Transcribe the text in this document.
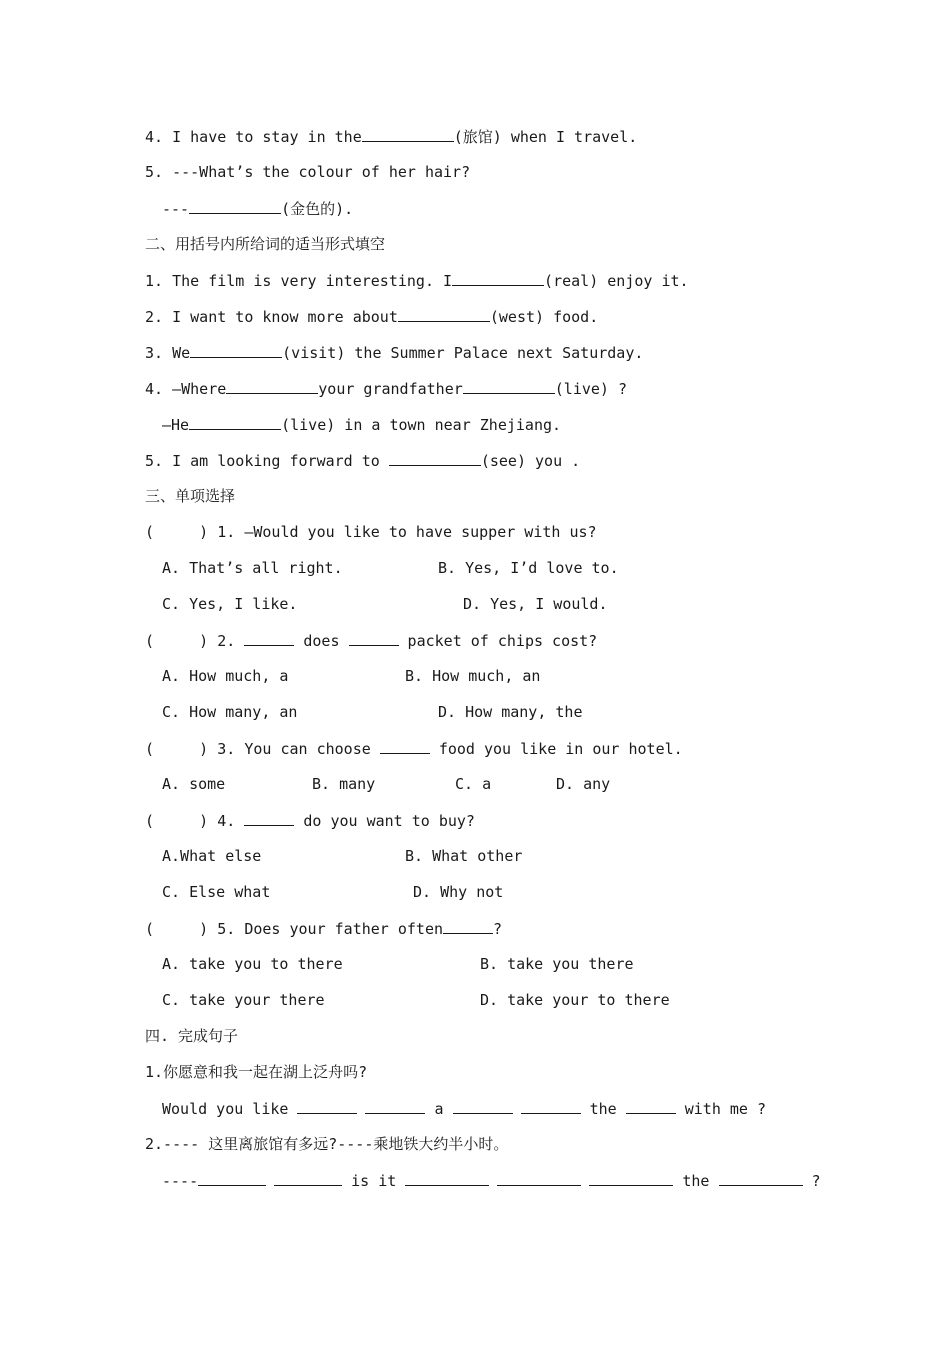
4. I have to stay in the	(旅馆) when I travel.
5. ---What’s the colour of her hair?
---	(金色的).
二、用括号内所给词的适当形式填空
1. The film is very interesting. I	(real) enjoy it.
2. I want to know more about	(west) food.
3. We	(visit) the Summer Palace next Saturday.
4. —Where	your grandfather	(live) ?
—He	(live) in a town near Zhejiang.
5. I am looking forward to	(see) you .
三、单项选择
(     ) 1. —Would you like to have supper with us?
A. That’s all right.	B. Yes, I’d love to.
C. Yes, I like.	D. Yes, I would.
(     ) 2.	does	packet of chips cost?
A. How much, a	B. How much, an
C. How many, an	D. How many, the
(     ) 3. You can choose	food you like in our hotel.
A. some	B. many	C. a	D. any
(     ) 4.	do you want to buy?
A.What else	B. What other
C. Else what	D. Why not
(     ) 5. Does your father often	?
A. take you to there	B. take you there
C. take your there	D. take your to there
四. 完成句子
1.你愿意和我一起在湖上泛舟吗?
Would you like	a	the	with me ?
2.---- 这里离旅馆有多远?----乘地铁大约半小时。
----	is it	the	?
